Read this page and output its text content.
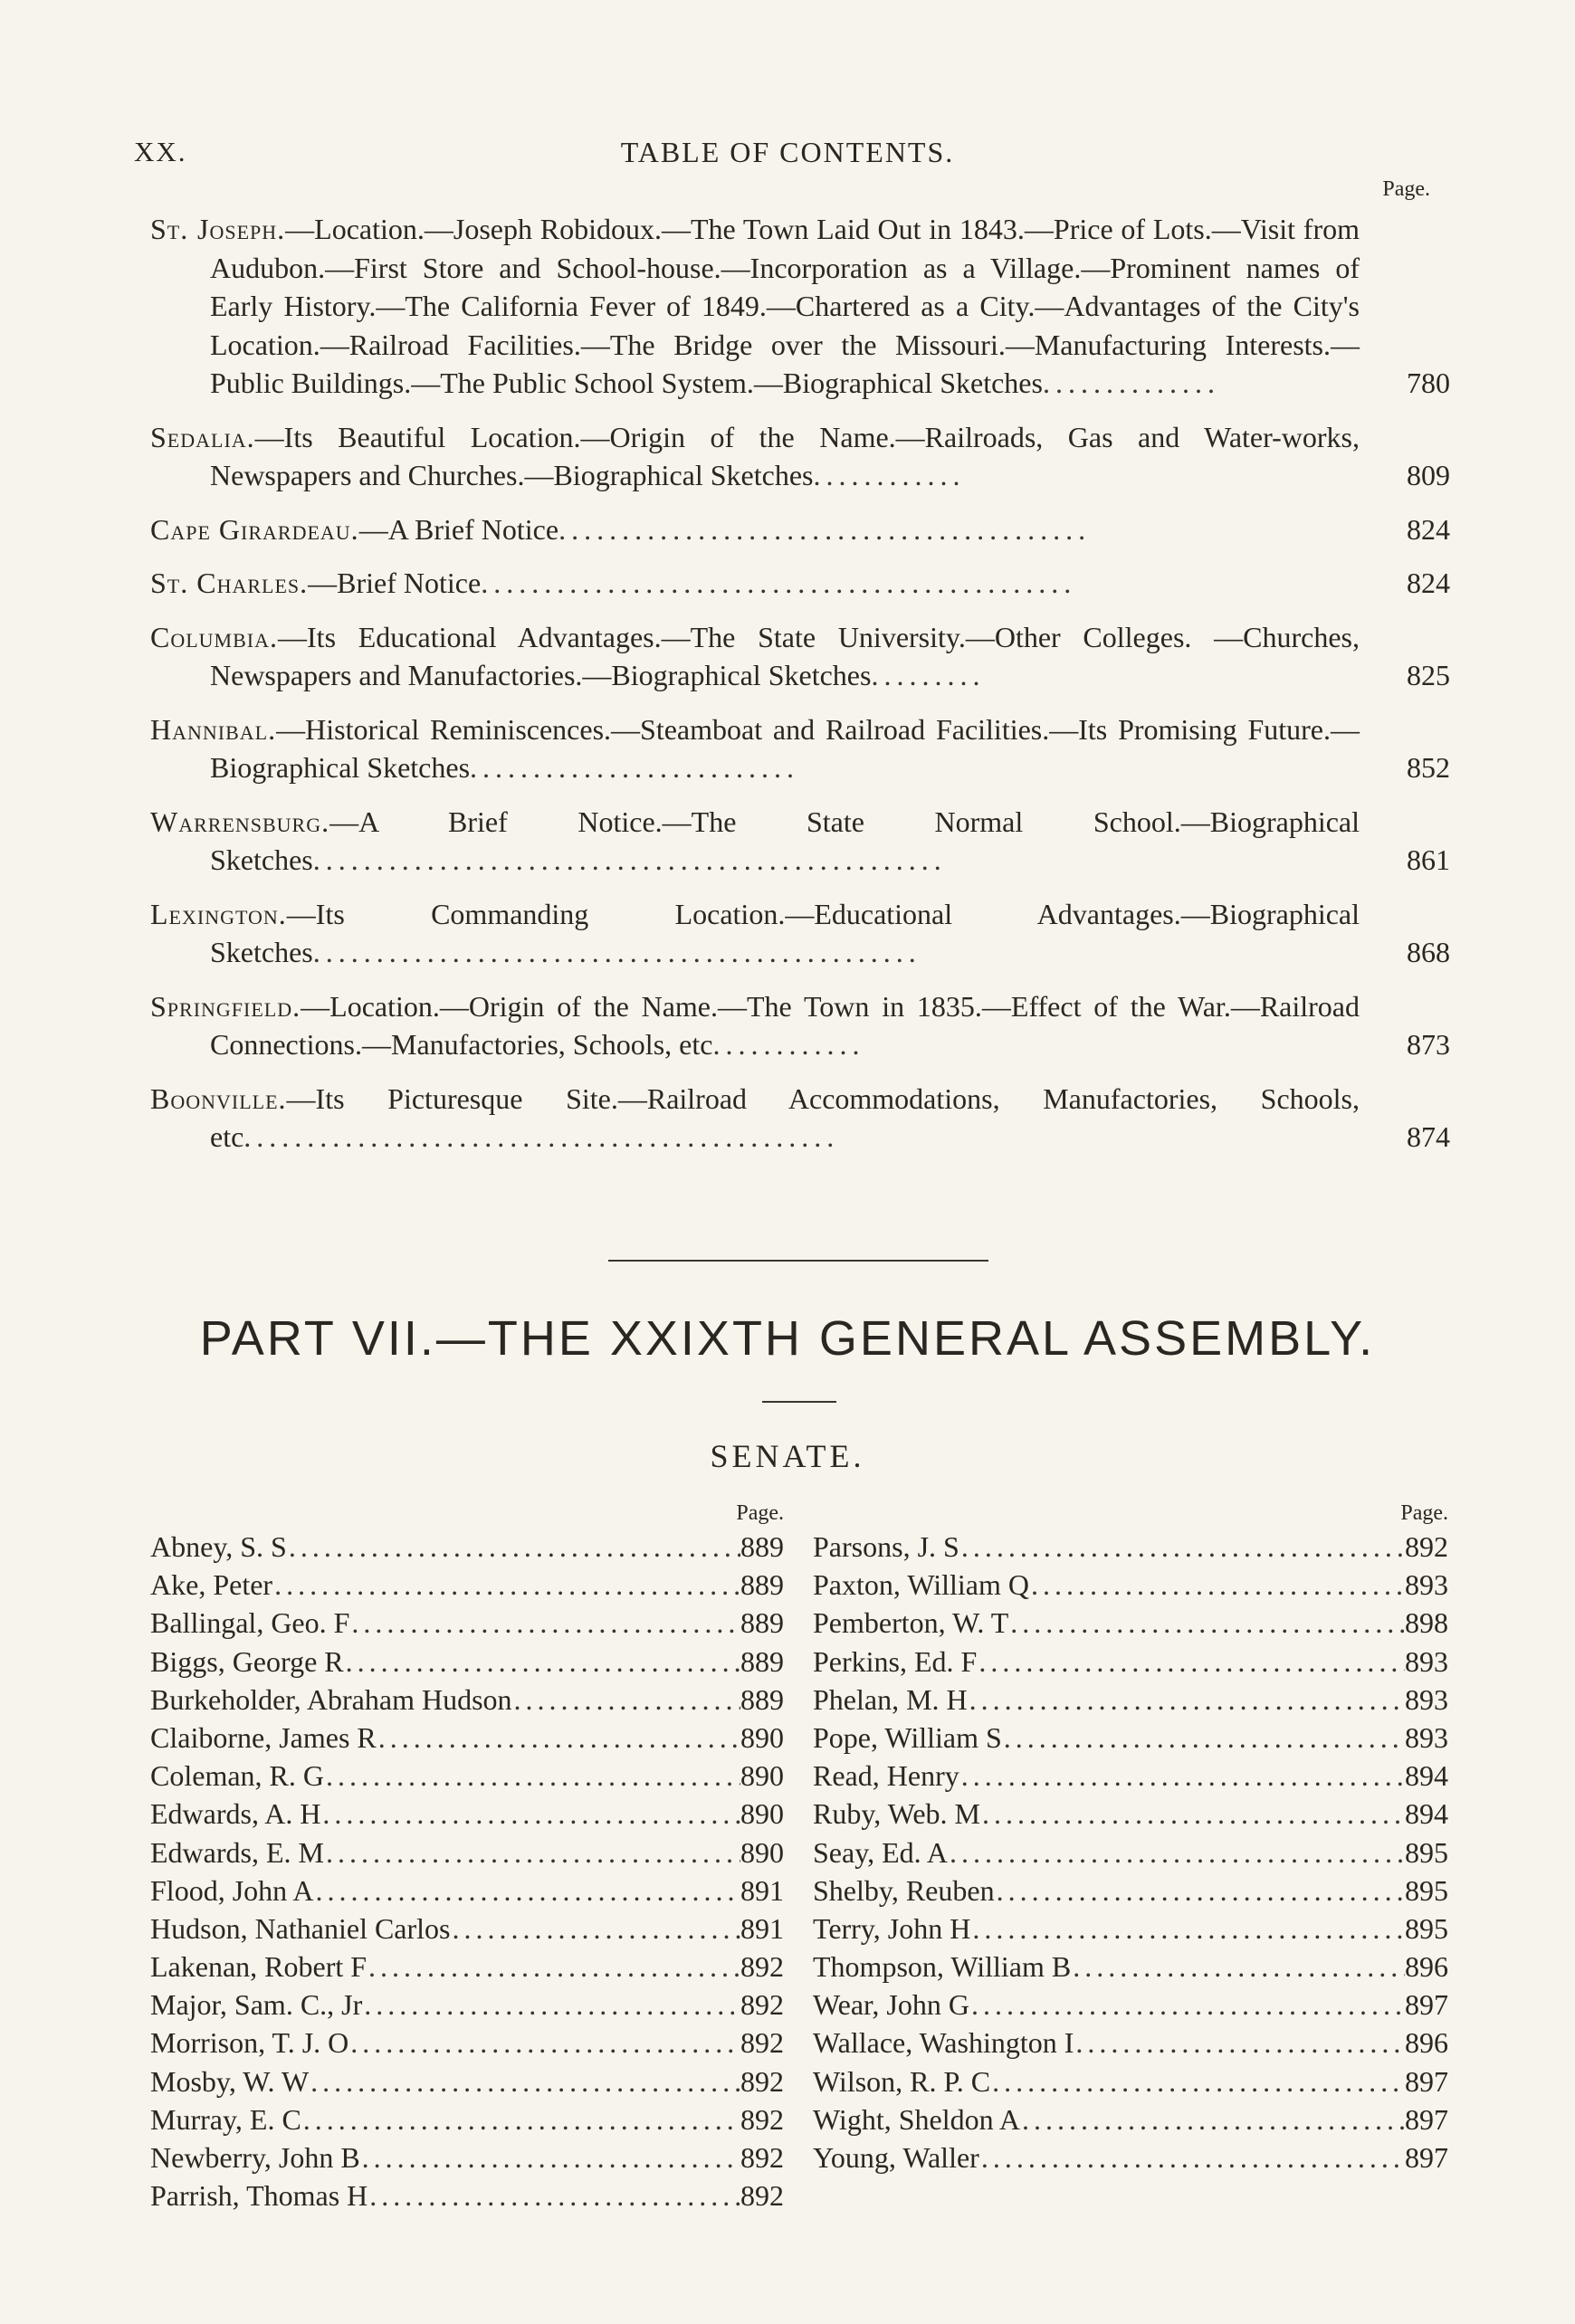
XX.	TABLE OF CONTENTS.
Page.
St. Joseph.—Location.—Joseph Robidoux.—The Town Laid Out in 1843.—Price of Lots.—Visit from Audubon.—First Store and School-house.—Incorporation as a Village.—Prominent names of Early History.—The California Fever of 1849.—Chartered as a City.—Advantages of the City's Location.—Railroad Facilities.—The Bridge over the Missouri.—Manufacturing Interests.—Public Buildings.—The Public School System.—Biographical Sketches..............	780
Sedalia.—Its Beautiful Location.—Origin of the Name.—Railroads, Gas and Water-works, Newspapers and Churches.—Biographical Sketches............	809
Cape Girardeau.—A Brief Notice..........................................	824
St. Charles.—Brief Notice...............................................	824
Columbia.—Its Educational Advantages.—The State University.—Other Colleges. —Churches, Newspapers and Manufactories.—Biographical Sketches.........	825
Hannibal.—Historical Reminiscences.—Steamboat and Railroad Facilities.—Its Promising Future.—Biographical Sketches..........................	852
Warrensburg.—A Brief Notice.—The State Normal School.—Biographical Sketches..................................................	861
Lexington.—Its Commanding Location.—Educational Advantages.—Biographical Sketches................................................	868
Springfield.—Location.—Origin of the Name.—The Town in 1835.—Effect of the War.—Railroad Connections.—Manufactories, Schools, etc............	873
Boonville.—Its Picturesque Site.—Railroad Accommodations, Manufactories, Schools, etc...............................................	874
PART VII.—THE XXIXTH GENERAL ASSEMBLY.
SENATE.
Page.
Abney, S. S .....	889
Ake, Peter .....	889
Ballingal, Geo. F .....	889
Biggs, George R .....	889
Burkeholder, Abraham Hudson .....	889
Claiborne, James R .....	890
Coleman, R. G .....	890
Edwards, A. H .....	890
Edwards, E. M .....	890
Flood, John A .....	891
Hudson, Nathaniel Carlos .....	891
Lakenan, Robert F .....	892
Major, Sam. C., Jr .....	892
Morrison, T. J. O .....	892
Mosby, W. W .....	892
Murray, E. C .....	892
Newberry, John B .....	892
Parrish, Thomas H .....	892
Page.
Parsons, J. S .....	892
Paxton, William Q .....	893
Pemberton, W. T .....	898
Perkins, Ed. F .....	893
Phelan, M. H .....	893
Pope, William S .....	893
Read, Henry .....	894
Ruby, Web. M .....	894
Seay, Ed. A .....	895
Shelby, Reuben .....	895
Terry, John H .....	895
Thompson, William B .....	896
Wear, John G .....	897
Wallace, Washington I .....	896
Wilson, R. P. C .....	897
Wight, Sheldon A .....	897
Young, Waller .....	897
